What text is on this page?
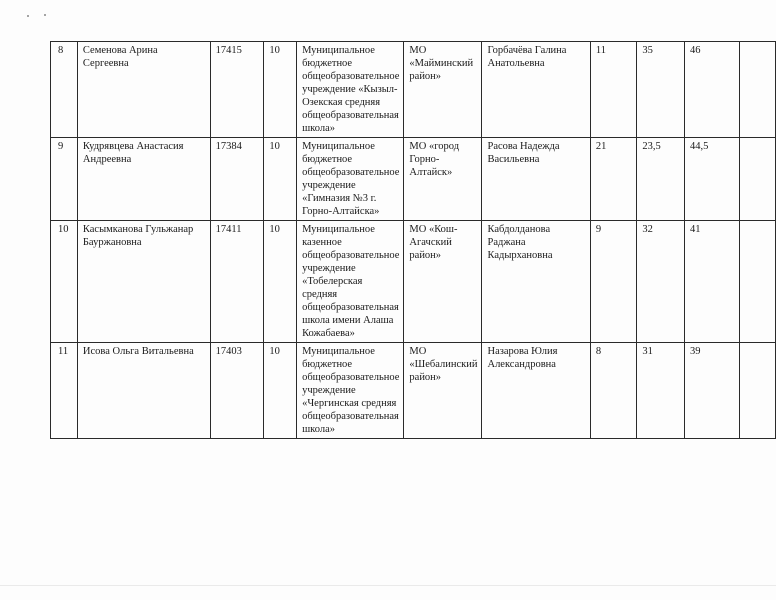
8	Семенова Арина Сергеевна	17415	10	Муниципальное бюджетное общеобразовательное учреждение «Кызыл-Озекская средняя общеобразовательная школа»	МО «Майминский район»	Горбачёва Галина Анатольевна	11	35	46	
9	Кудрявцева Анастасия Андреевна	17384	10	Муниципальное бюджетное общеобразовательное учреждение «Гимназия №3 г. Горно-Алтайска»	МО «город Горно-Алтайск»	Расова Надежда Васильевна	21	23,5	44,5	
10	Касымканова Гульжанар Бауржановна	17411	10	Муниципальное казенное общеобразовательное учреждение «Тобелерская средняя общеобразовательная школа имени Алаша Кожабаева»	МО «Кош-Агачский район»	Кабдолданова Раджана Кадырхановна	9	32	41	
11	Исова Ольга Витальевна	17403	10	Муниципальное бюджетное общеобразовательное учреждение «Чергинская средняя общеобразовательная школа»	МО «Шебалинский район»	Назарова Юлия Александровна	8	31	39	
